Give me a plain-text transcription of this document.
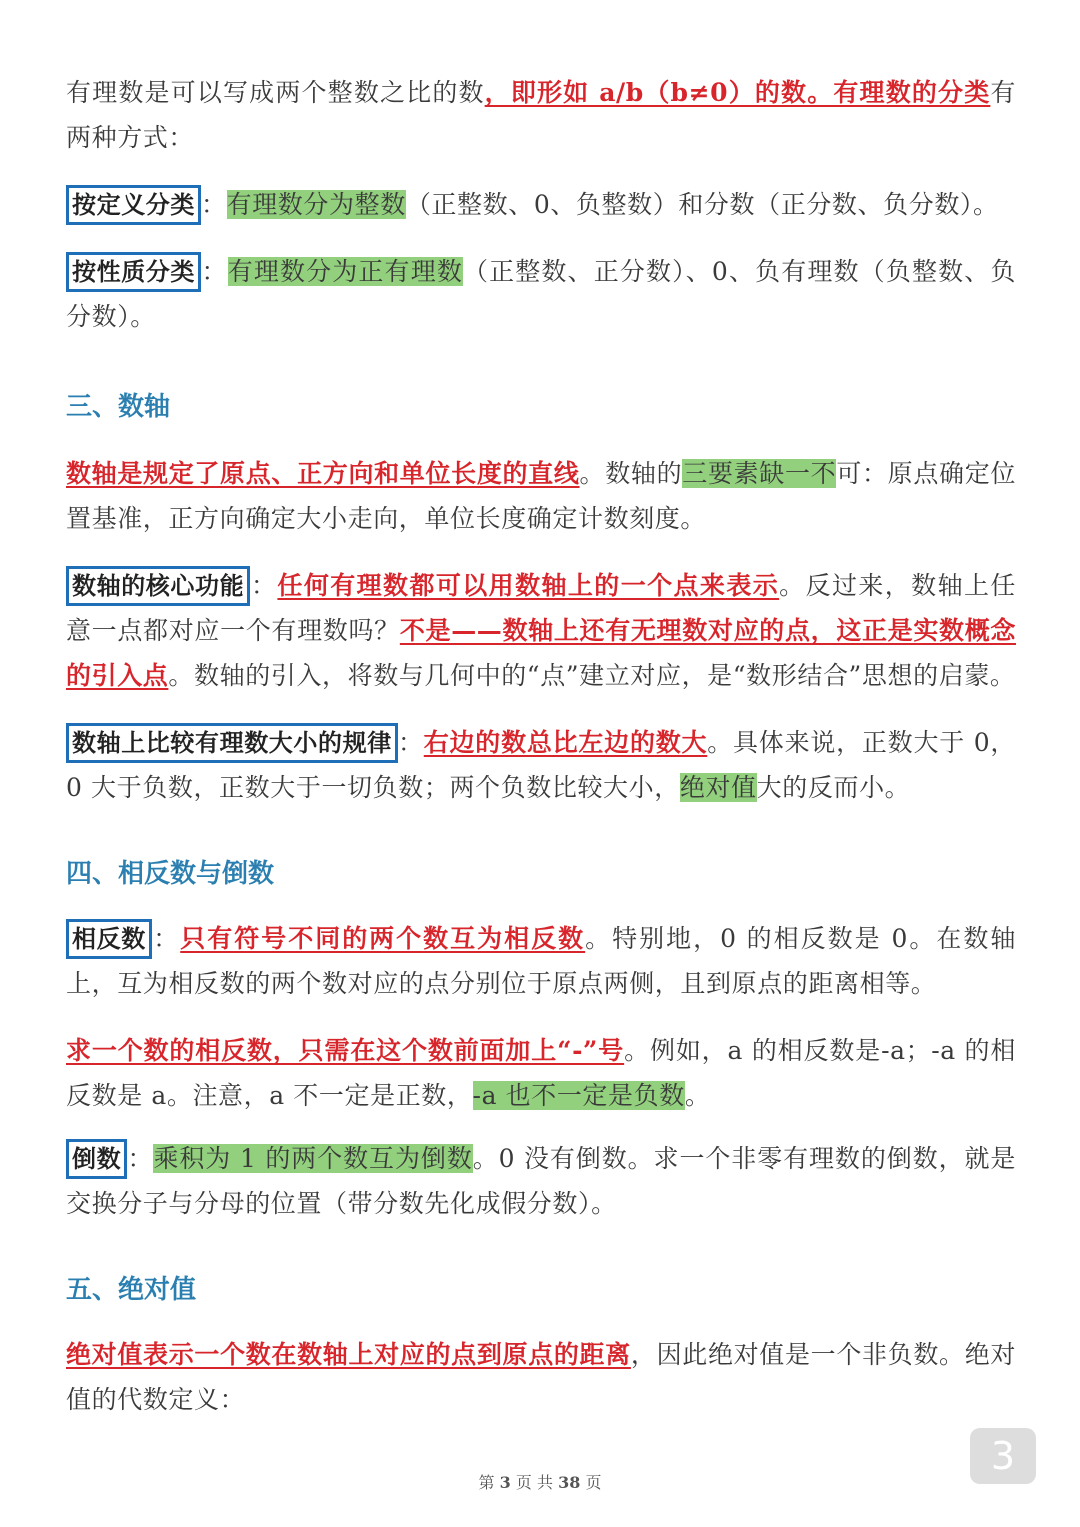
有理数是可以写成两个整数之比的数，即形如 a/b（b≠0）的数。有理数的分类有两种方式：

按定义分类 ：有理数分为整数（正整数、0、负整数）和分数（正分数、负分数）。

按性质分类 ：有理数分为正有理数（正整数、正分数）、0、负有理数（负整数、负分数）。

三、数轴

数轴是规定了原点、正方向和单位长度的直线。数轴的三要素缺一不可：原点确定位置基准，正方向确定大小走向，单位长度确定计数刻度。

数轴的核心功能 ：任何有理数都可以用数轴上的一个点来表示。反过来，数轴上任意一点都对应一个有理数吗？不是——数轴上还有无理数对应的点，这正是实数概念的引入点。数轴的引入，将数与几何中的“点”建立对应，是“数形结合”思想的启蒙。

数轴上比较有理数大小的规律 ：右边的数总比左边的数大。具体来说，正数大于 0，0 大于负数，正数大于一切负数；两个负数比较大小，绝对值大的反而小。

四、相反数与倒数

相反数 ：只有符号不同的两个数互为相反数。特别地，0 的相反数是 0。在数轴上，互为相反数的两个数对应的点分别位于原点两侧，且到原点的距离相等。

求一个数的相反数，只需在这个数前面加上“-”号。例如，a 的相反数是-a；-a 的相反数是 a。注意，a 不一定是正数，-a 也不一定是负数。

倒数 ：乘积为 1 的两个数互为倒数。0 没有倒数。求一个非零有理数的倒数，就是交换分子与分母的位置（带分数先化成假分数）。

五、绝对值

绝对值表示一个数在数轴上对应的点到原点的距离，因此绝对值是一个非负数。绝对值的代数定义：

第 3 页 共 38 页
3
